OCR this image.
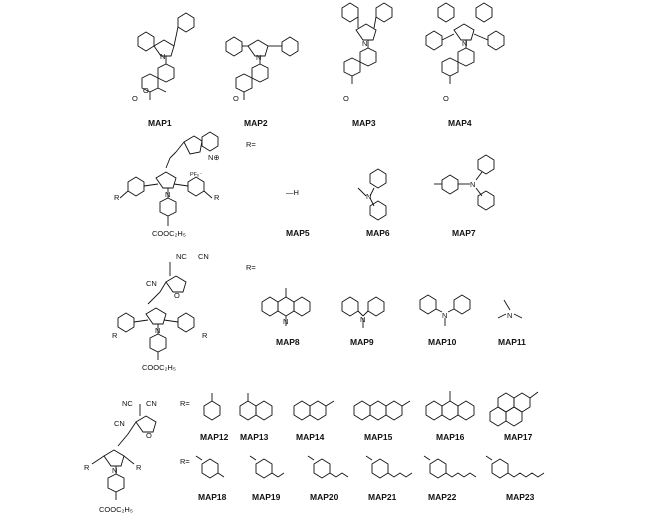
N
O
O
MAP1
N
O
MAP2
N
O
MAP3
N
O
MAP4
N⊕
PF₆⁻
N
R	R
COOC₂H₅
R=
—H
MAP5
N
MAP6
N
MAP7
NC CN
CN
O
N
R	R
COOC₂H₅
R=
N
MAP8
N
MAP9
N
MAP10
N
MAP11
NC CN
CN
O
N
R	R
COOC₂H₅
R=
MAP12 MAP13	MAP14	MAP15	MAP16	MAP17
R=
MAP18	MAP19	MAP20	MAP21	MAP22	MAP23
